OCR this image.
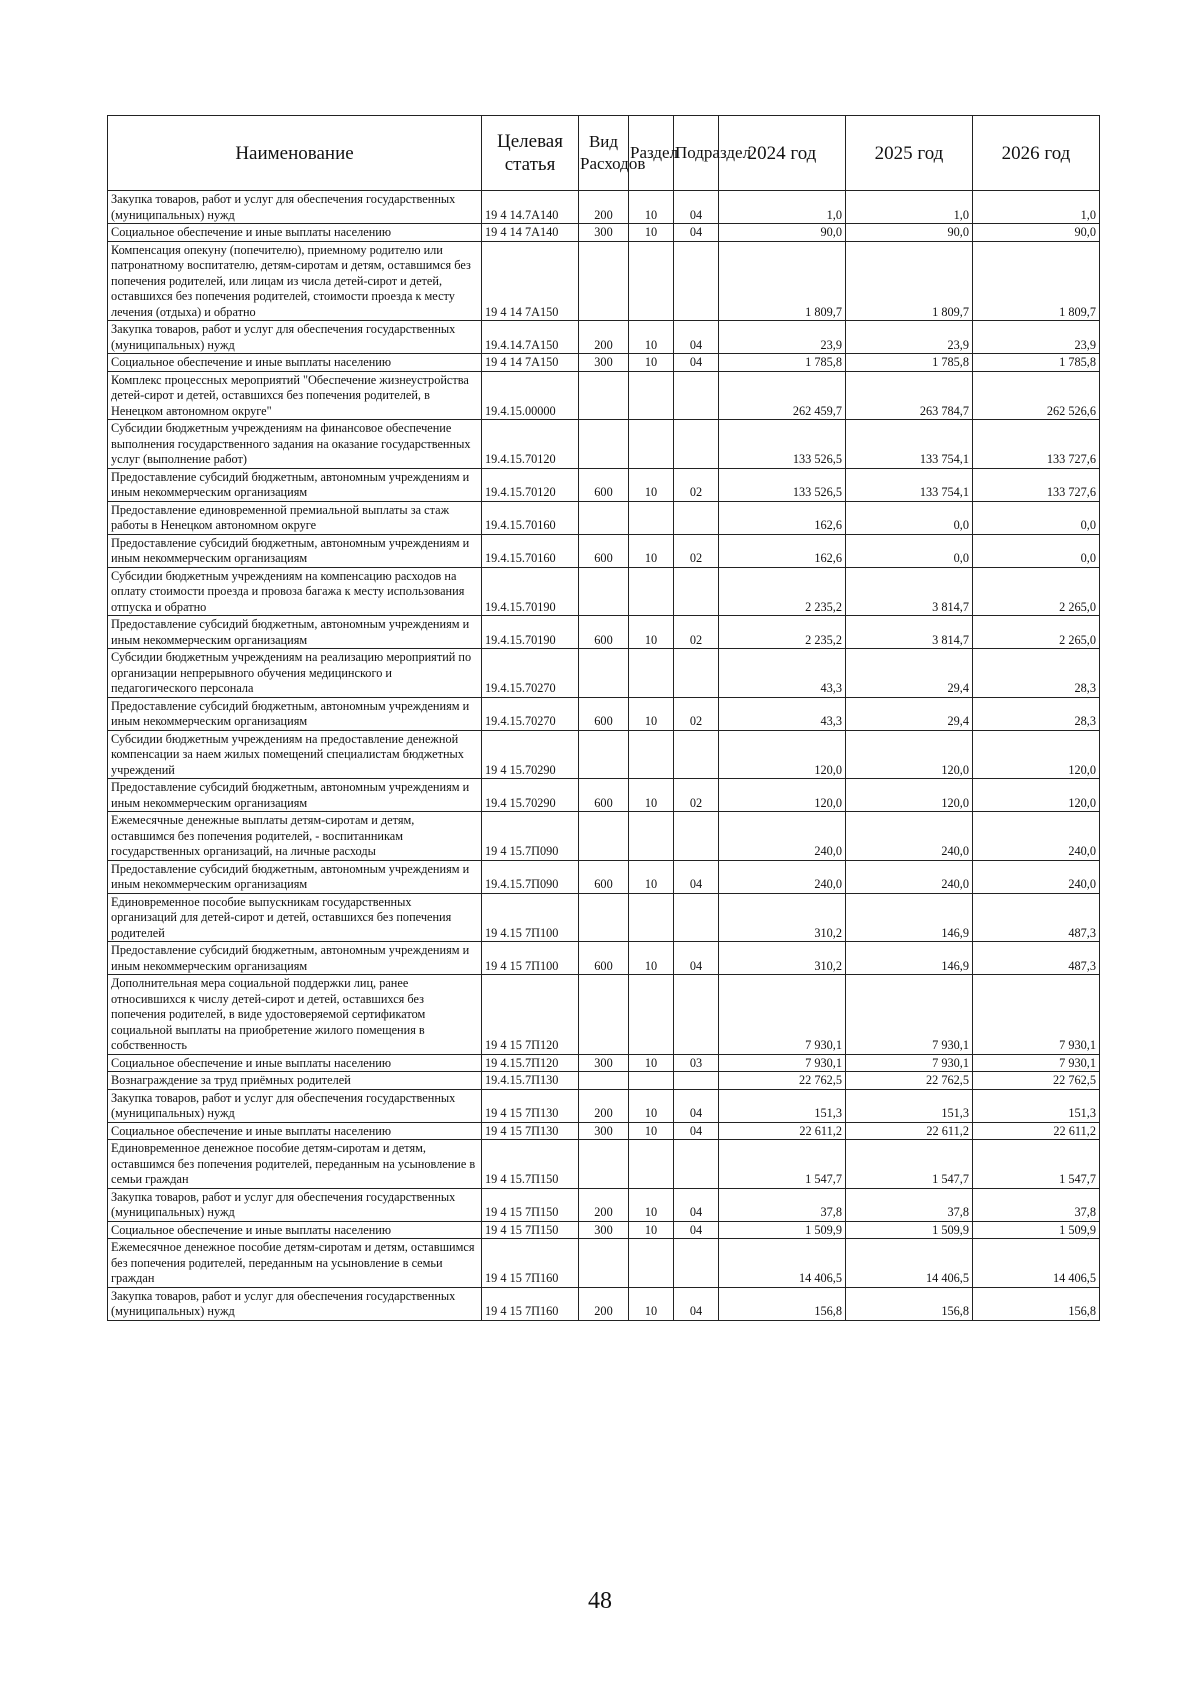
Наименование	Целевая статья	Вид Расходов	Раздел	Подраздел	2024 год	2025 год	2026 год
Закупка товаров, работ и услуг для обеспечения государственных (муниципальных) нужд	19 4 14.7А140	200	10	04	1,0	1,0	1,0
Социальное обеспечение и иные выплаты населению	19 4 14 7А140	300	10	04	90,0	90,0	90,0
Компенсация опекуну (попечителю), приемному родителю или патронатному воспитателю, детям-сиротам и детям, оставшимся без попечения родителей, или лицам из числа детей-сирот и детей, оставшихся без попечения родителей, стоимости проезда к месту лечения (отдыха) и обратно	19 4 14 7А150				1 809,7	1 809,7	1 809,7
Закупка товаров, работ и услуг для обеспечения государственных (муниципальных) нужд	19.4.14.7А150	200	10	04	23,9	23,9	23,9
Социальное обеспечение и иные выплаты населению	19 4 14 7А150	300	10	04	1 785,8	1 785,8	1 785,8
Комплекс процессных мероприятий "Обеспечение жизнеустройства детей-сирот и детей, оставшихся без попечения родителей, в Ненецком автономном округе"	19.4.15.00000				262 459,7	263 784,7	262 526,6
Субсидии бюджетным учреждениям на финансовое обеспечение выполнения государственного задания на оказание государственных услуг (выполнение работ)	19.4.15.70120				133 526,5	133 754,1	133 727,6
Предоставление субсидий бюджетным, автономным учреждениям и иным некоммерческим организациям	19.4.15.70120	600	10	02	133 526,5	133 754,1	133 727,6
Предоставление единовременной премиальной выплаты за стаж работы в Ненецком автономном округе	19.4.15.70160				162,6	0,0	0,0
Предоставление субсидий бюджетным, автономным учреждениям и иным некоммерческим организациям	19.4.15.70160	600	10	02	162,6	0,0	0,0
Субсидии бюджетным учреждениям на компенсацию расходов на оплату стоимости проезда и провоза багажа к месту использования отпуска и обратно	19.4.15.70190				2 235,2	3 814,7	2 265,0
Предоставление субсидий бюджетным, автономным учреждениям и иным некоммерческим организациям	19.4.15.70190	600	10	02	2 235,2	3 814,7	2 265,0
Субсидии бюджетным учреждениям на реализацию мероприятий по организации непрерывного обучения медицинского и педагогического персонала	19.4.15.70270				43,3	29,4	28,3
Предоставление субсидий бюджетным, автономным учреждениям и иным некоммерческим организациям	19.4.15.70270	600	10	02	43,3	29,4	28,3
Субсидии бюджетным учреждениям на предоставление денежной компенсации за наем жилых помещений специалистам бюджетных учреждений	19 4 15.70290				120,0	120,0	120,0
Предоставление субсидий бюджетным, автономным учреждениям и иным некоммерческим организациям	19.4 15.70290	600	10	02	120,0	120,0	120,0
Ежемесячные денежные выплаты детям-сиротам и детям, оставшимся без попечения родителей, - воспитанникам государственных организаций, на личные расходы	19 4 15.7П090				240,0	240,0	240,0
Предоставление субсидий бюджетным, автономным учреждениям и иным некоммерческим организациям	19.4.15.7П090	600	10	04	240,0	240,0	240,0
Единовременное пособие выпускникам государственных организаций для детей-сирот и детей, оставшихся без попечения родителей	19 4.15 7П100				310,2	146,9	487,3
Предоставление субсидий бюджетным, автономным учреждениям и иным некоммерческим организациям	19 4 15 7П100	600	10	04	310,2	146,9	487,3
Дополнительная мера социальной поддержки лиц, ранее относившихся к числу детей-сирот и детей, оставшихся без попечения родителей, в виде удостоверяемой сертификатом социальной выплаты на приобретение жилого помещения в собственность	19 4 15 7П120				7 930,1	7 930,1	7 930,1
Социальное обеспечение и иные выплаты населению	19 4.15.7П120	300	10	03	7 930,1	7 930,1	7 930,1
Вознаграждение за труд приёмных родителей	19.4.15.7П130				22 762,5	22 762,5	22 762,5
Закупка товаров, работ и услуг для обеспечения государственных (муниципальных) нужд	19 4 15 7П130	200	10	04	151,3	151,3	151,3
Социальное обеспечение и иные выплаты населению	19 4 15 7П130	300	10	04	22 611,2	22 611,2	22 611,2
Единовременное денежное пособие детям-сиротам и детям, оставшимся без попечения родителей, переданным на усыновление в семьи граждан	19 4 15.7П150				1 547,7	1 547,7	1 547,7
Закупка товаров, работ и услуг для обеспечения государственных (муниципальных) нужд	19 4 15 7П150	200	10	04	37,8	37,8	37,8
Социальное обеспечение и иные выплаты населению	19 4 15 7П150	300	10	04	1 509,9	1 509,9	1 509,9
Ежемесячное денежное пособие детям-сиротам и детям, оставшимся без попечения родителей, переданным на усыновление в семьи граждан	19 4 15 7П160				14 406,5	14 406,5	14 406,5
Закупка товаров, работ и услуг для обеспечения государственных (муниципальных) нужд	19 4 15 7П160	200	10	04	156,8	156,8	156,8
48
